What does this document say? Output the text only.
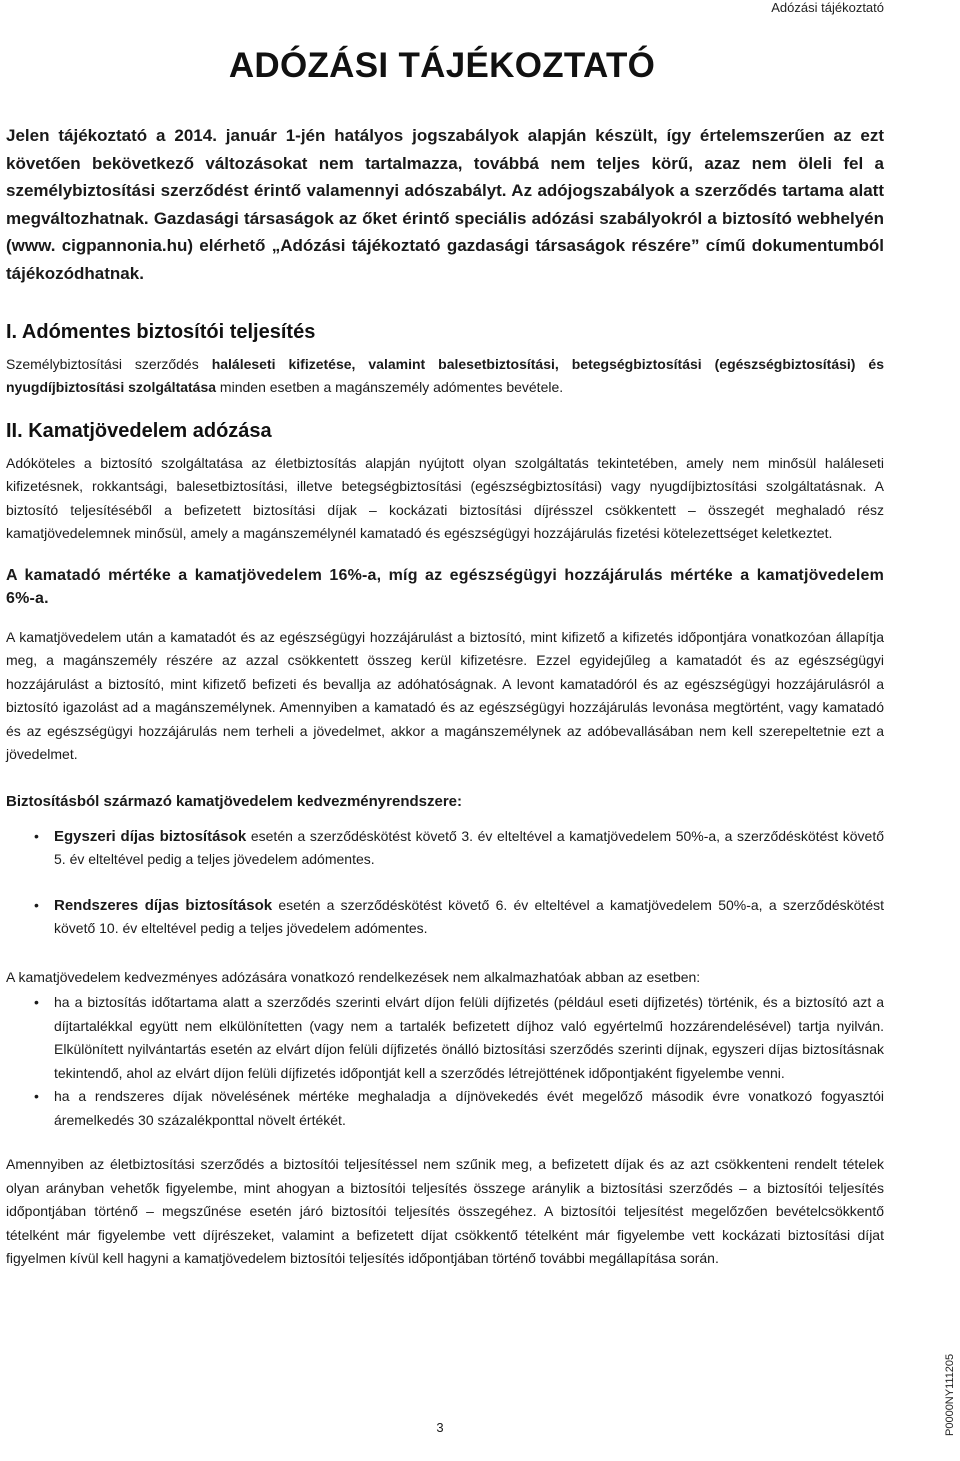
Adózási tájékoztató
ADÓZÁSI TÁJÉKOZTATÓ

Jelen tájékoztató a 2014. január 1-jén hatályos jogszabályok alapján készült, így értelemszerűen az ezt követően bekövetkező változásokat nem tartalmazza, továbbá nem teljes körű, azaz nem öleli fel a személybiztosítási szerződést érintő valamennyi adószabályt. Az adójogszabályok a szerződés tartama alatt megváltozhatnak. Gazdasági társaságok az őket érintő speciális adózási szabályokról a biztosító webhelyén (www. cigpannonia.hu) elérhető „Adózási tájékoztató gazdasági társaságok részére” című dokumentumból tájékozódhatnak.

I. Adómentes biztosítói teljesítés

Személybiztosítási szerződés haláleseti kifizetése, valamint balesetbiztosítási, betegségbiztosítási (egészségbiztosítási) és nyugdíjbiztosítási szolgáltatása minden esetben a magánszemély adómentes bevétele.

II. Kamatjövedelem adózása

Adóköteles a biztosító szolgáltatása az életbiztosítás alapján nyújtott olyan szolgáltatás tekintetében, amely nem minősül haláleseti kifizetésnek, rokkantsági, balesetbiztosítási, illetve betegségbiztosítási (egészségbiztosítási) vagy nyugdíjbiztosítási szolgáltatásnak. A biztosító teljesítéséből a befizetett biztosítási díjak – kockázati biztosítási díjrésszel csökkentett – összegét meghaladó rész kamatjövedelemnek minősül, amely a magánszemélynél kamatadó és egészségügyi hozzájárulás fizetési kötelezettséget keletkeztet.

A kamatadó mértéke a kamatjövedelem 16%-a, míg az egészségügyi hozzájárulás mértéke a kamatjövedelem 6%-a.

A kamatjövedelem után a kamatadót és az egészségügyi hozzájárulást a biztosító, mint kifizető a kifizetés időpontjára vonatkozóan állapítja meg, a magánszemély részére az azzal csökkentett összeg kerül kifizetésre. Ezzel egyidejűleg a kamatadót és az egészségügyi hozzájárulást a biztosító, mint kifizető befizeti és bevallja az adóhatóságnak. A levont kamatadóról és az egészségügyi hozzájárulásról a biztosító igazolást ad a magánszemélynek. Amennyiben a kamatadó és az egészségügyi hozzájárulás levonása megtörtént, vagy kamatadó és az egészségügyi hozzájárulás nem terheli a jövedelmet, akkor a magánszemélynek az adóbevallásában nem kell szerepeltetnie ezt a jövedelmet.

Biztosításból származó kamatjövedelem kedvezményrendszere:

• Egyszeri díjas biztosítások esetén a szerződéskötést követő 3. év elteltével a kamatjövedelem 50%-a, a szerződéskötést követő 5. év elteltével pedig a teljes jövedelem adómentes.
• Rendszeres díjas biztosítások esetén a szerződéskötést követő 6. év elteltével a kamatjövedelem 50%-a, a szerződéskötést követő 10. év elteltével pedig a teljes jövedelem adómentes.

A kamatjövedelem kedvezményes adózására vonatkozó rendelkezések nem alkalmazhatóak abban az esetben:

• ha a biztosítás időtartama alatt a szerződés szerinti elvárt díjon felüli díjfizetés (például eseti díjfizetés) történik, és a biztosító azt a díjtartalékkal együtt nem elkülönítetten (vagy nem a tartalék befizetett díjhoz való egyértelmű hozzárendelésével) tartja nyilván. Elkülönített nyilvántartás esetén az elvárt díjon felüli díjfizetés önálló biztosítási szerződés szerinti díjnak, egyszeri díjas biztosításnak tekintendő, ahol az elvárt díjon felüli díjfizetés időpontját kell a szerződés létrejöttének időpontjaként figyelembe venni.
• ha a rendszeres díjak növelésének mértéke meghaladja a díjnövekedés évét megelőző második évre vonatkozó fogyasztói áremelkedés 30 százalékponttal növelt értékét.

Amennyiben az életbiztosítási szerződés a biztosítói teljesítéssel nem szűnik meg, a befizetett díjak és az azt csökkenteni rendelt tételek olyan arányban vehetők figyelembe, mint ahogyan a biztosítói teljesítés összege aránylik a biztosítási szerződés – a biztosítói teljesítés időpontjában történő – megszűnése esetén járó biztosítói teljesítés összegéhez. A biztosítói teljesítést megelőzően bevételcsökkentő tételként már figyelembe vett díjrészeket, valamint a befizetett díjat csökkentő tételként már figyelembe vett kockázati biztosítási díjat figyelmen kívül kell hagyni a kamatjövedelem biztosítói teljesítés időpontjában történő további megállapítása során.

3	P0000NY111205
